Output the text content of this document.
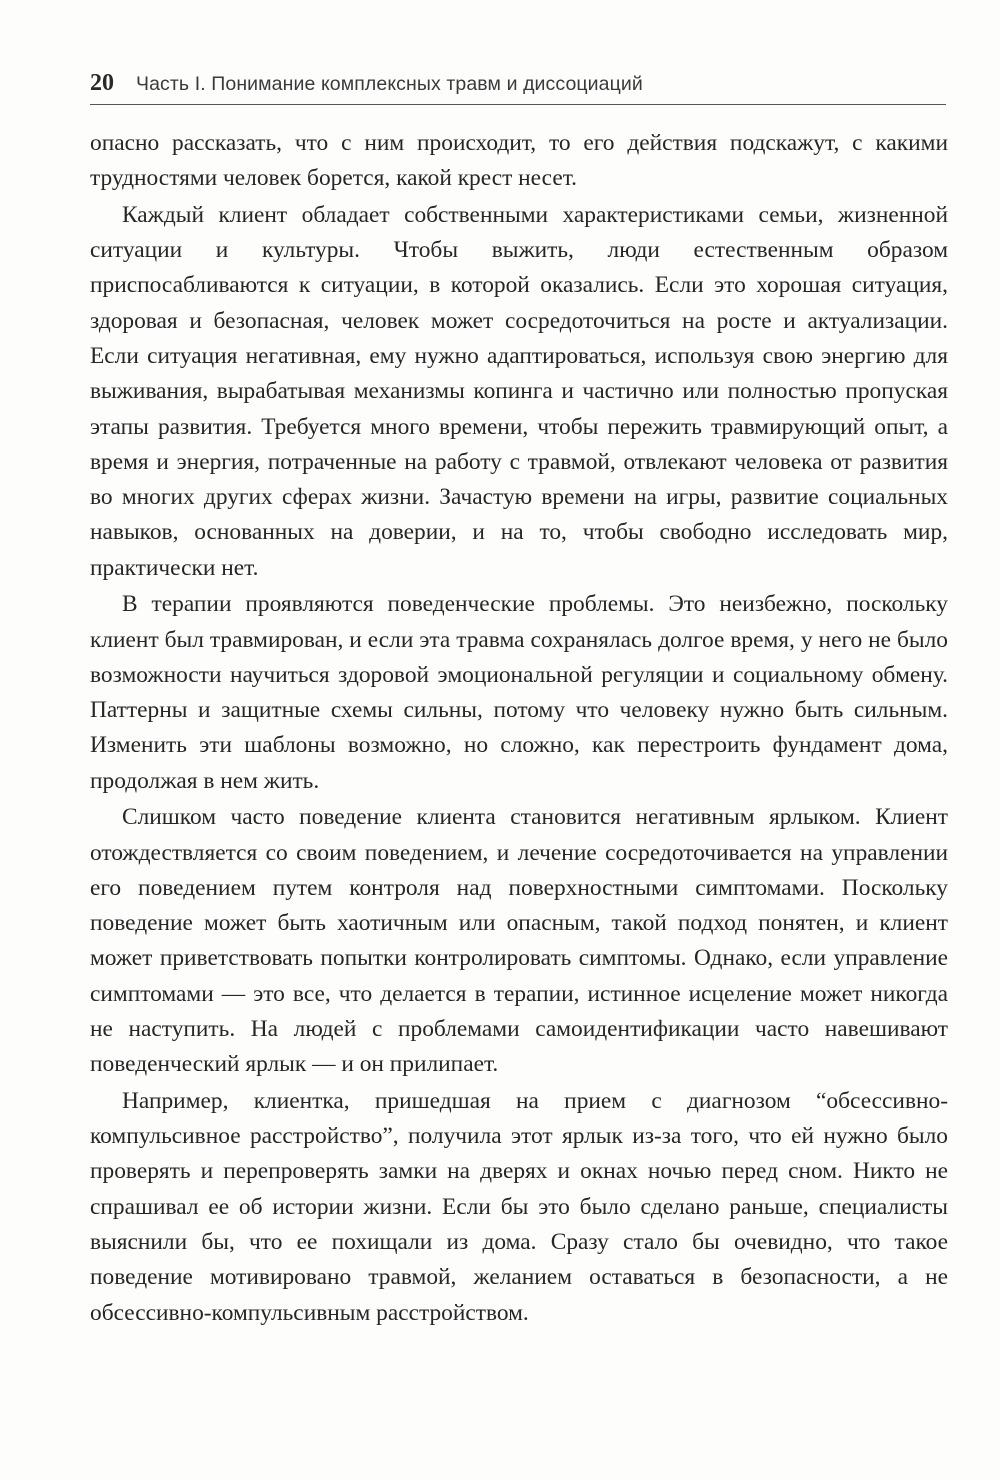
20 Часть I. Понимание комплексных травм и диссоциаций

опасно рассказать, что с ним происходит, то его действия подскажут, с какими трудностями человек борется, какой крест несет.

Каждый клиент обладает собственными характеристиками семьи, жизненной ситуации и культуры. Чтобы выжить, люди естественным образом приспосабливаются к ситуации, в которой оказались. Если это хорошая ситуация, здоровая и безопасная, человек может сосредоточиться на росте и актуализации. Если ситуация негативная, ему нужно адаптироваться, используя свою энергию для выживания, вырабатывая механизмы копинга и частично или полностью пропуская этапы развития. Требуется много времени, чтобы пережить травмирующий опыт, а время и энергия, потраченные на работу с травмой, отвлекают человека от развития во многих других сферах жизни. Зачастую времени на игры, развитие социальных навыков, основанных на доверии, и на то, чтобы свободно исследовать мир, практически нет.

В терапии проявляются поведенческие проблемы. Это неизбежно, поскольку клиент был травмирован, и если эта травма сохранялась долгое время, у него не было возможности научиться здоровой эмоциональной регуляции и социальному обмену. Паттерны и защитные схемы сильны, потому что человеку нужно быть сильным. Изменить эти шаблоны возможно, но сложно, как перестроить фундамент дома, продолжая в нем жить.

Слишком часто поведение клиента становится негативным ярлыком. Клиент отождествляется со своим поведением, и лечение сосредоточивается на управлении его поведением путем контроля над поверхностными симптомами. Поскольку поведение может быть хаотичным или опасным, такой подход понятен, и клиент может приветствовать попытки контролировать симптомы. Однако, если управление симптомами — это все, что делается в терапии, истинное исцеление может никогда не наступить. На людей с проблемами самоидентификации часто навешивают поведенческий ярлык — и он прилипает.

Например, клиентка, пришедшая на прием с диагнозом “обсессивно-компульсивное расстройство”, получила этот ярлык из-за того, что ей нужно было проверять и перепроверять замки на дверях и окнах ночью перед сном. Никто не спрашивал ее об истории жизни. Если бы это было сделано раньше, специалисты выяснили бы, что ее похищали из дома. Сразу стало бы очевидно, что такое поведение мотивировано травмой, желанием оставаться в безопасности, а не обсессивно-компульсивным расстройством.
